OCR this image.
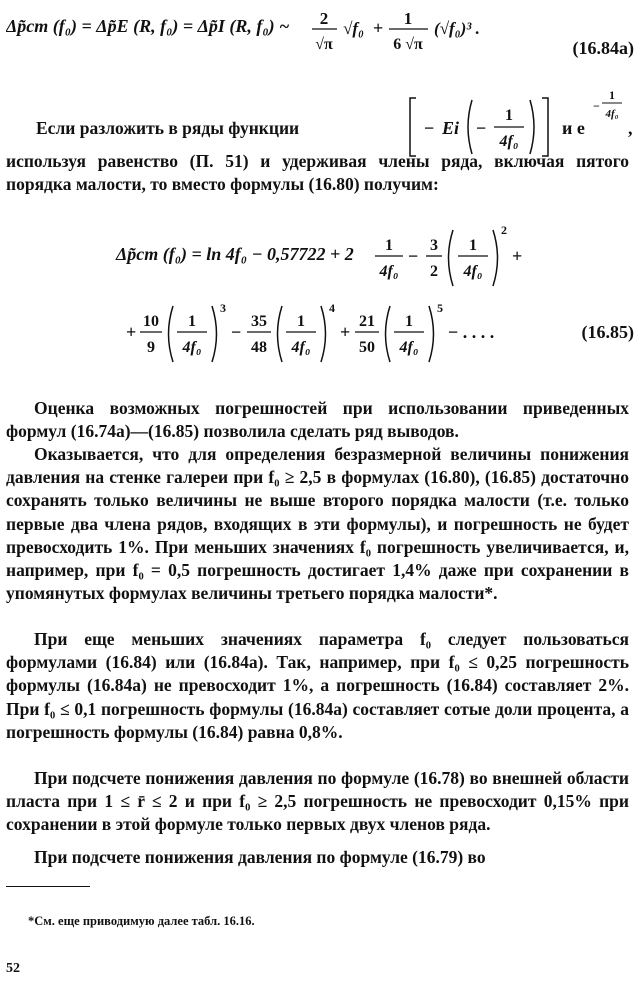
Δp̃ст (f₀) = Δp̃E (R, f₀) = Δp̃I (R, f₀) ~ 2
√π
√f₀ + 1
6 √π
(√f₀)³ .
(16.84а)
Если разложить в ряды функции	− Ei −
1
4f₀
и e
−
1
4f₀
,
используя равенство (П. 51) и удерживая члены ряда, включая пятого порядка малости, то вместо формулы (16.80) получим:
Δp̃ст (f₀) = ln 4f₀ − 0,57722 + 2 1
4f₀
−
3
2
1
4f₀
2
+
+
10
9
1
4f₀
3
−
35
48
1
4f₀
4
+
21
50
1
4f₀
5
− . . . .	(16.85)
Оценка возможных погрешностей при использовании приведенных формул (16.74а)—(16.85) позволила сделать ряд выводов.
Оказывается, что для определения безразмерной величины понижения давления на стенке галереи при f₀ ≥ 2,5 в формулах (16.80), (16.85) достаточно сохранять только величины не выше второго порядка малости (т.е. только первые два члена рядов, входящих в эти формулы), и погрешность не будет превосходить 1%. При меньших значениях f₀ погрешность увеличивается, и, например, при f₀ = 0,5 погрешность достигает 1,4% даже при сохранении в упомянутых формулах величины третьего порядка малости*.
При еще меньших значениях параметра f₀ следует пользоваться формулами (16.84) или (16.84а). Так, например, при f₀ ≤ 0,25 погрешность формулы (16.84а) не превосходит 1%, а погрешность (16.84) составляет 2%. При f₀ ≤ 0,1 погрешность формулы (16.84а) составляет сотые доли процента, а погрешность формулы (16.84) равна 0,8%.
При подсчете понижения давления по формуле (16.78) во внешней области пласта при 1 ≤ r̄ ≤ 2 и при f₀ ≥ 2,5 погрешность не превосходит 0,15% при сохранении в этой формуле только первых двух членов ряда.
При подсчете понижения давления по формуле (16.79) во
*См. еще приводимую далее табл. 16.16.
52
